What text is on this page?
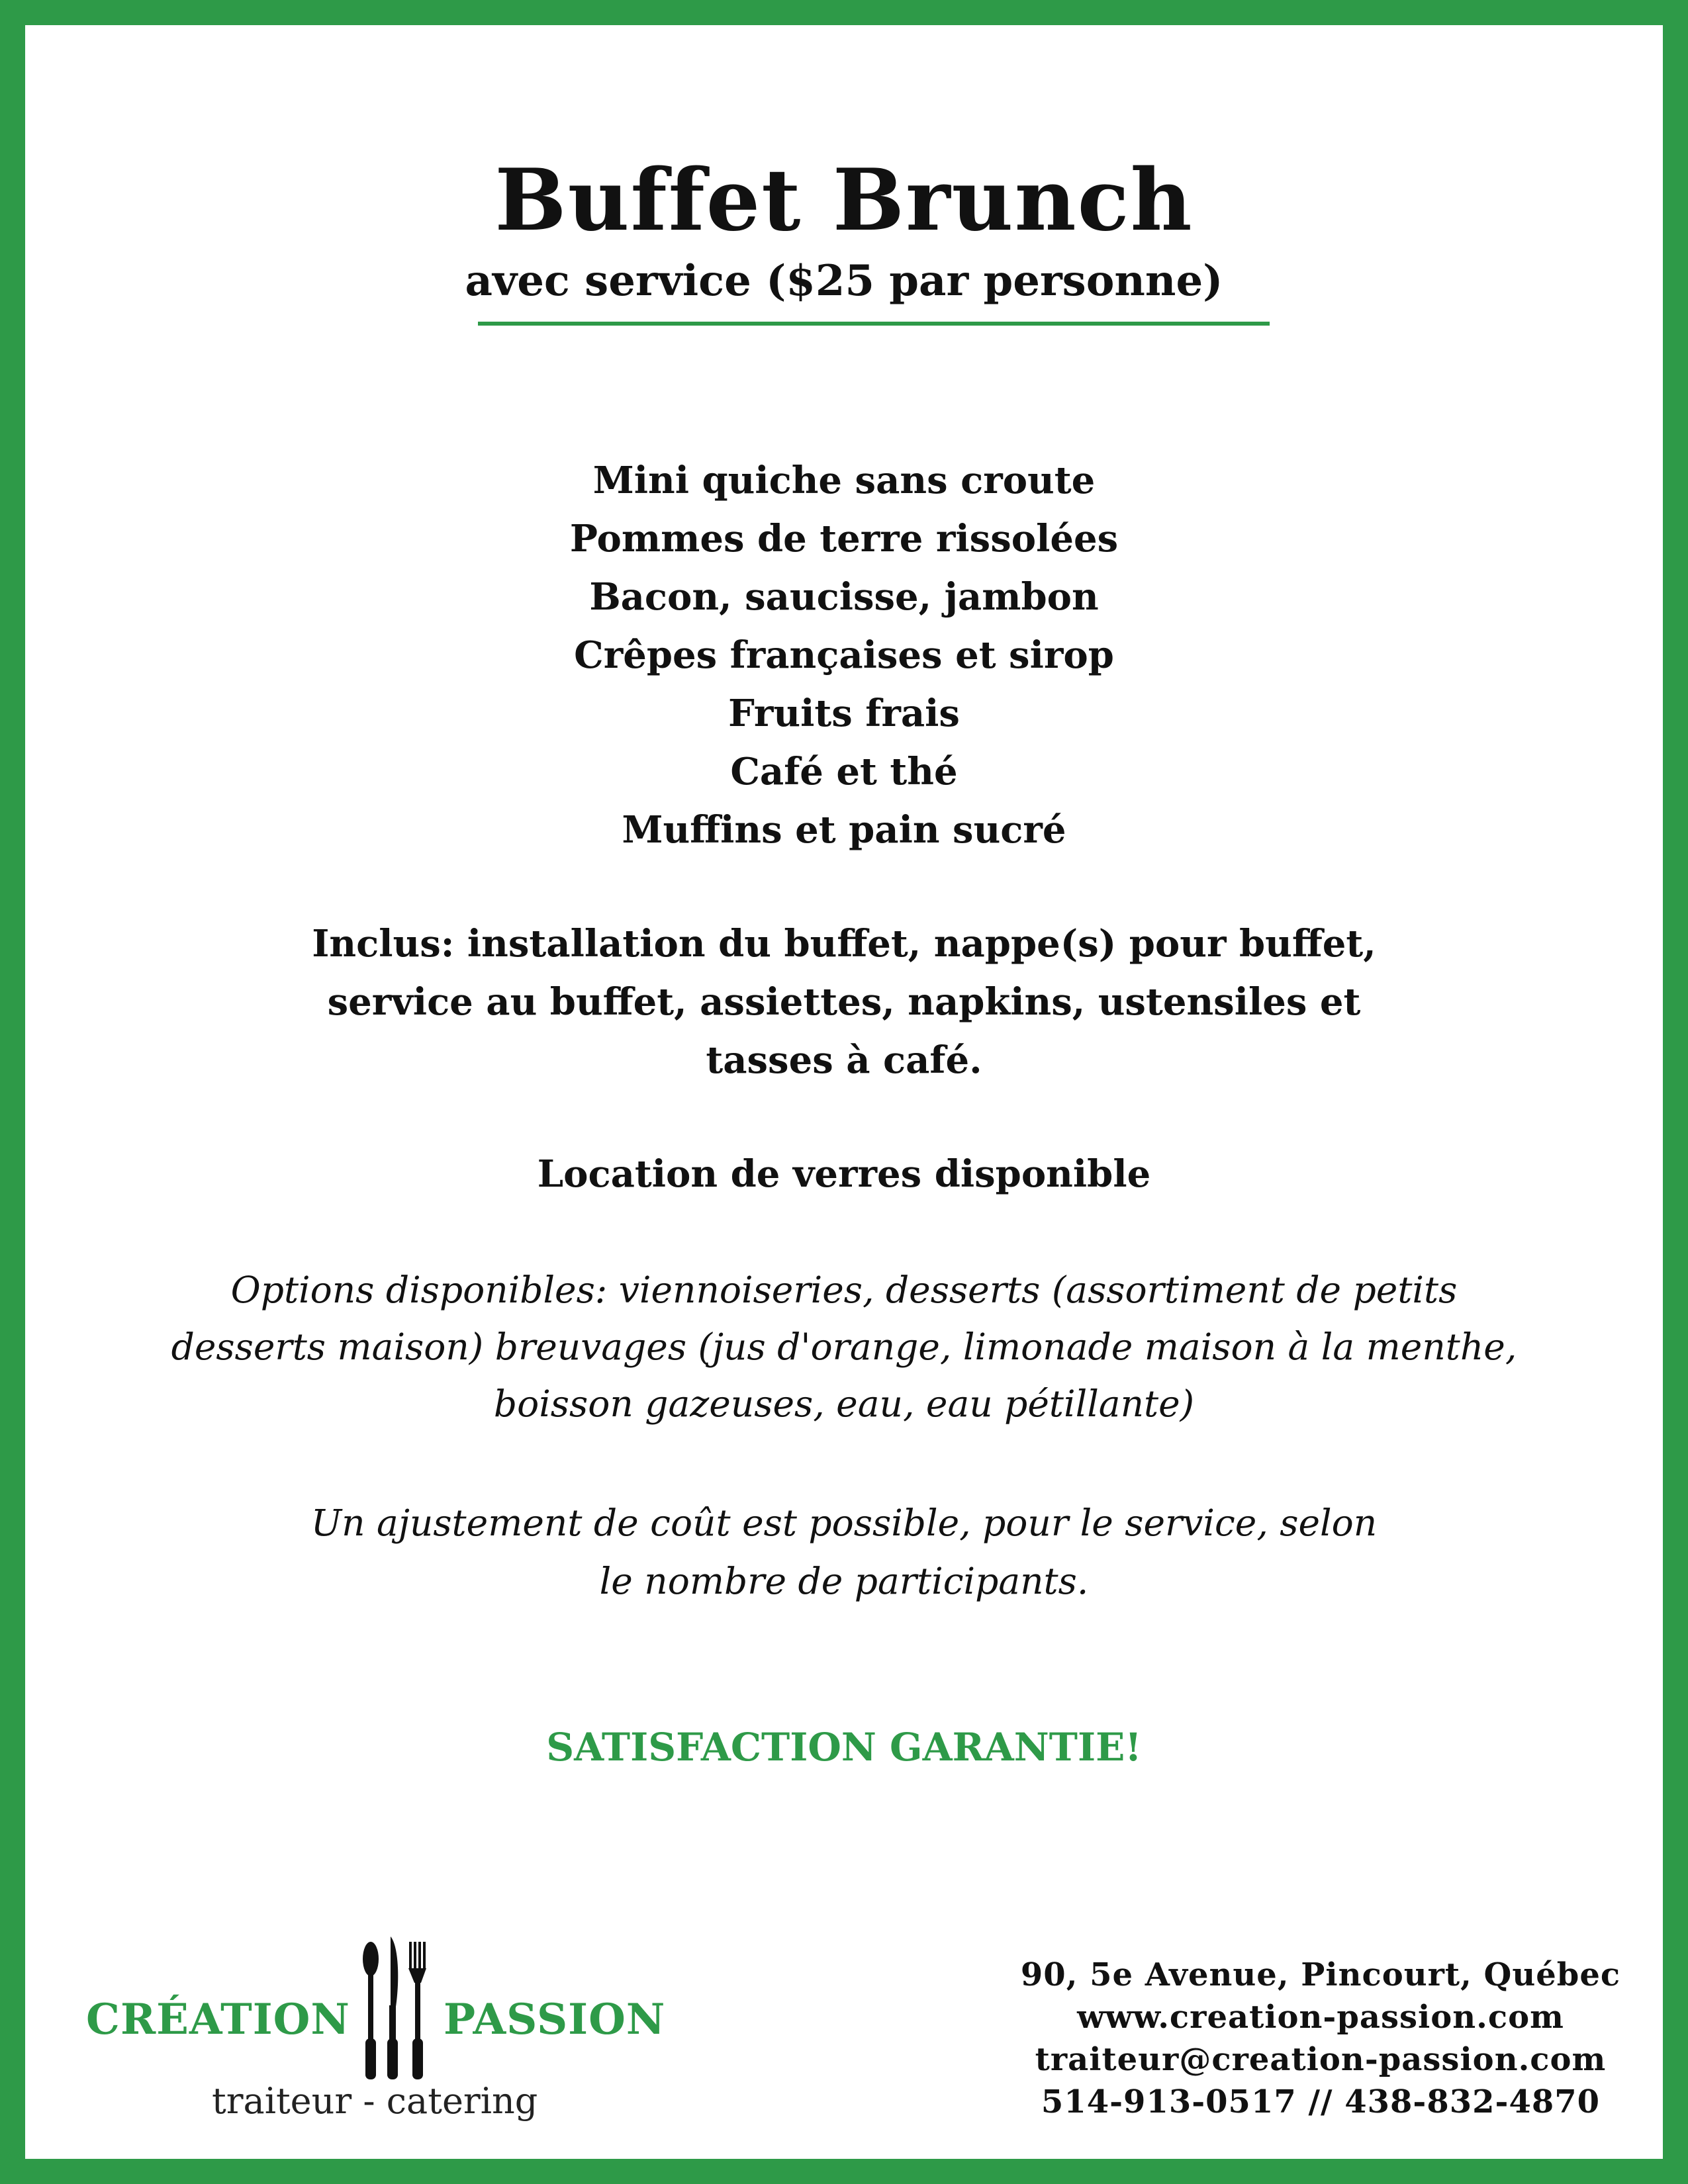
Buffet Brunch
avec service ($25 par personne)
Mini quiche sans croute
Pommes de terre rissolées
Bacon, saucisse, jambon
Crêpes françaises et sirop
Fruits frais
Café et thé
Muffins et pain sucré
Inclus: installation du buffet, nappe(s) pour buffet, service au buffet, assiettes, napkins, ustensiles et tasses à café.
Location de verres disponible
Options disponibles: viennoiseries, desserts (assortiment de petits desserts maison) breuvages (jus d'orange, limonade maison à la menthe, boisson gazeuses, eau, eau pétillante)
Un ajustement de coût est possible, pour le service, selon le nombre de participants.
SATISFACTION GARANTIE!
CRÉATION PASSION
traiteur - catering
90, 5e Avenue, Pincourt, Québec
www.creation-passion.com
traiteur@creation-passion.com
514-913-0517 // 438-832-4870
